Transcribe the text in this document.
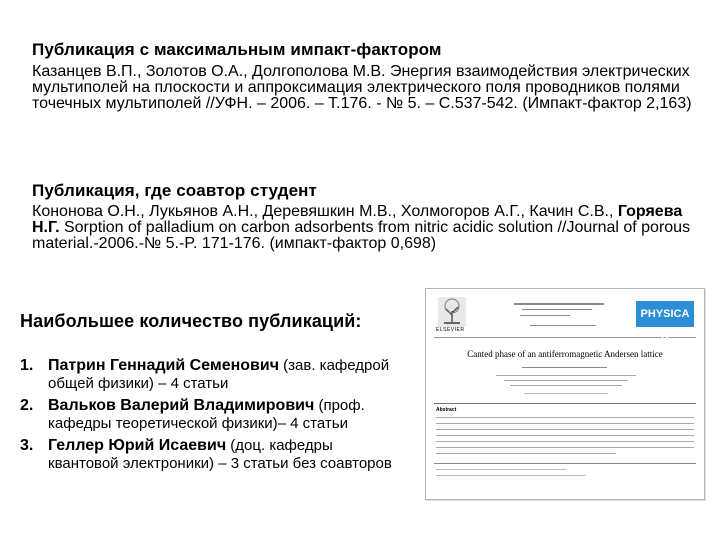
Публикация с максимальным импакт-фактором
Казанцев В.П., Золотов О.А., Долгополова М.В. Энергия взаимодействия электрических мультиполей на плоскости и аппроксимация электрического поля проводников полями точечных мультиполей //УФН. – 2006. – Т.176. - № 5. – С.537-542. (Импакт-фактор 2,163)
Публикация, где соавтор студент
Кононова О.Н., Лукьянов А.Н., Деревяшкин М.В., Холмогоров А.Г., Качин С.В., Горяева Н.Г. Sorption of palladium on carbon adsorbents from nitric acidic solution //Journal of porous material.-2006.-№ 5.-P. 171-176. (импакт-фактор 0,698)
Наибольшее количество публикаций:
1. Патрин Геннадий Семенович (зав. кафедрой
общей физики) – 4 статьи
2. Вальков Валерий Владимирович (проф.
кафедры теоретической физики)– 4 статьи
3. Геллер Юрий Исаевич (доц. кафедры
квантовой электроники) – 3 статьи без соавторов
ELSEVIER
PHYSICA B
Canted phase of an antiferromagnetic Andersen lattice
Abstract
